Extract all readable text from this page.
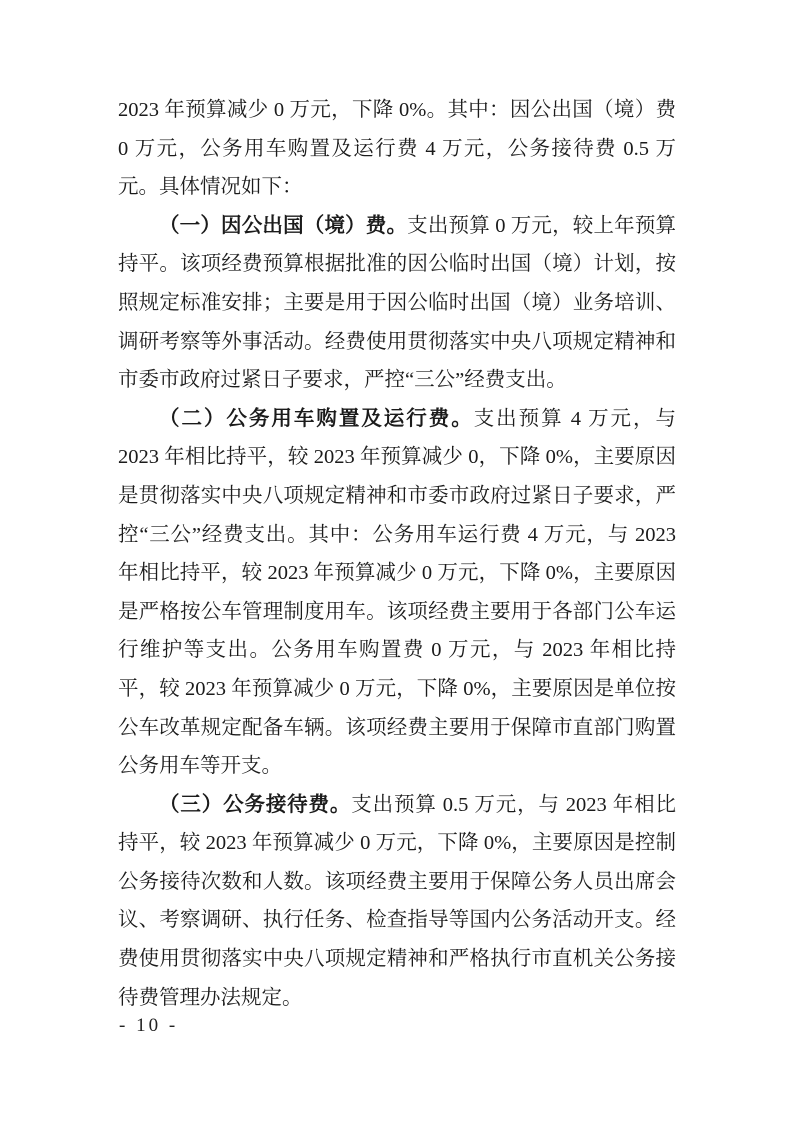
2023 年预算减少 0 万元，下降 0%。其中：因公出国（境）费 0 万元，公务用车购置及运行费 4 万元，公务接待费 0.5 万元。具体情况如下：

（一）因公出国（境）费。支出预算 0 万元，较上年预算持平。该项经费预算根据批准的因公临时出国（境）计划，按照规定标准安排；主要是用于因公临时出国（境）业务培训、调研考察等外事活动。经费使用贯彻落实中央八项规定精神和市委市政府过紧日子要求，严控“三公”经费支出。

（二）公务用车购置及运行费。支出预算 4 万元，与 2023 年相比持平，较 2023 年预算减少 0，下降 0%，主要原因是贯彻落实中央八项规定精神和市委市政府过紧日子要求，严控“三公”经费支出。其中：公务用车运行费 4 万元，与 2023 年相比持平，较 2023 年预算减少 0 万元，下降 0%，主要原因是严格按公车管理制度用车。该项经费主要用于各部门公车运行维护等支出。公务用车购置费 0 万元，与 2023 年相比持平，较 2023 年预算减少 0 万元，下降 0%，主要原因是单位按公车改革规定配备车辆。该项经费主要用于保障市直部门购置公务用车等开支。

（三）公务接待费。支出预算 0.5 万元，与 2023 年相比持平，较 2023 年预算减少 0 万元，下降 0%，主要原因是控制公务接待次数和人数。该项经费主要用于保障公务人员出席会议、考察调研、执行任务、检查指导等国内公务活动开支。经费使用贯彻落实中央八项规定精神和严格执行市直机关公务接待费管理办法规定。

- 10 -
